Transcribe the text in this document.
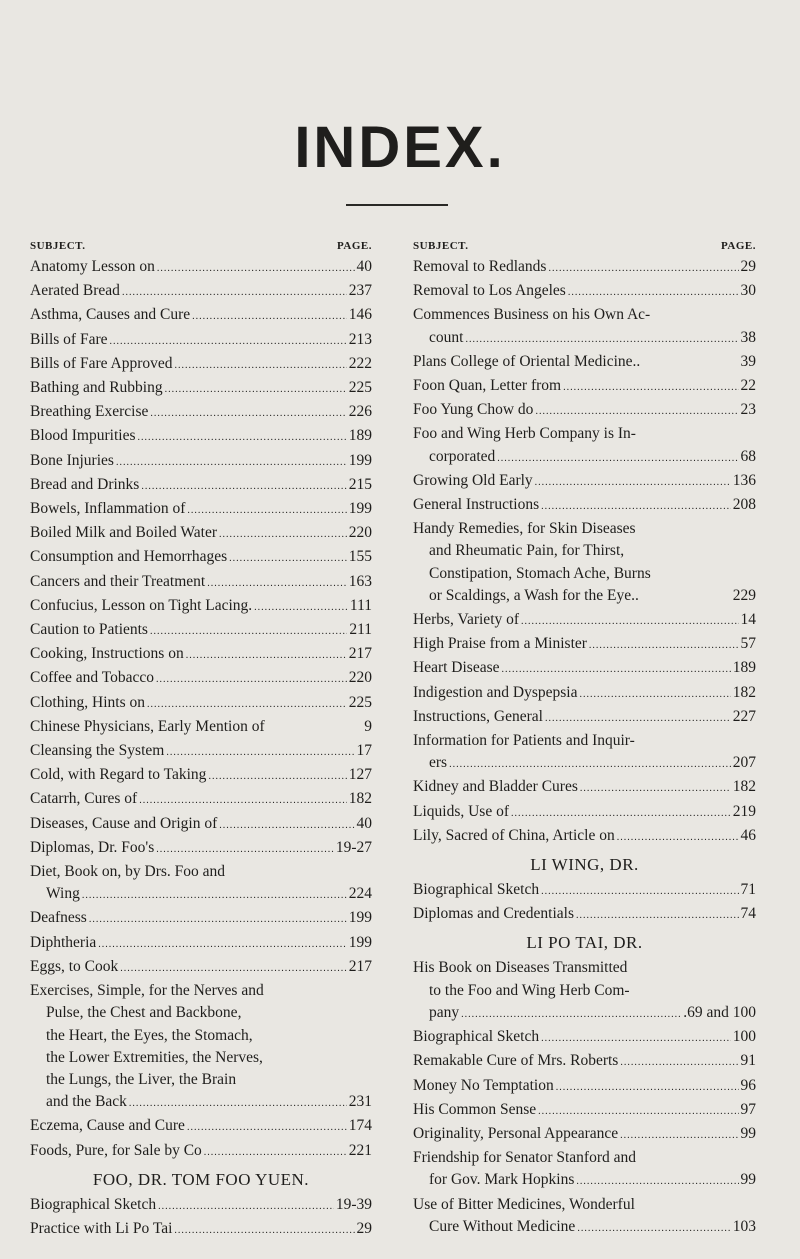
INDEX.
SUBJECT.	PAGE.
Anatomy Lesson on .....	40
Aerated Bread .....	237
Asthma, Causes and Cure .....	146
Bills of Fare .....	213
Bills of Fare Approved .....	222
Bathing and Rubbing .....	225
Breathing Exercise .....	226
Blood Impurities .....	189
Bone Injuries .....	199
Bread and Drinks .....	215
Bowels, Inflammation of .....	199
Boiled Milk and Boiled Water .....	220
Consumption and Hemorrhages .....	155
Cancers and their Treatment .....	163
Confucius, Lesson on Tight Lacing. .....	111
Caution to Patients .....	211
Cooking, Instructions on .....	217
Coffee and Tobacco .....	220
Clothing, Hints on .....	225
Chinese Physicians, Early Mention of	9
Cleansing the System .....	17
Cold, with Regard to Taking .....	127
Catarrh, Cures of .....	182
Diseases, Cause and Origin of .....	40
Diplomas, Dr. Foo's .....	19-27
Diet, Book on, by Drs. Foo and
Wing .....	224
Deafness .....	199
Diphtheria .....	199
Eggs, to Cook .....	217
Exercises, Simple, for the Nerves and
Pulse, the Chest and Backbone,
the Heart, the Eyes, the Stomach,
the Lower Extremities, the Nerves,
the Lungs, the Liver, the Brain
and the Back .....	231
Eczema, Cause and Cure .....	174
Foods, Pure, for Sale by Co .....	221
FOO, DR. TOM FOO YUEN.
Biographical Sketch .....	19-39
Practice with Li Po Tai .....	29
SUBJECT.	PAGE.
Removal to Redlands .....	29
Removal to Los Angeles .....	30
Commences Business on his Own Ac-
count .....	38
Plans College of Oriental Medicine..	39
Foon Quan, Letter from .....	22
Foo Yung Chow do .....	23
Foo and Wing Herb Company is In-
corporated .....	68
Growing Old Early .....	136
General Instructions .....	208
Handy Remedies, for Skin Diseases
and Rheumatic Pain, for Thirst,
Constipation, Stomach Ache, Burns
or Scaldings, a Wash for the Eye..	229
Herbs, Variety of .....	14
High Praise from a Minister .....	57
Heart Disease .....	189
Indigestion and Dyspepsia .....	182
Instructions, General .....	227
Information for Patients and Inquir-
ers .....	207
Kidney and Bladder Cures .....	182
Liquids, Use of .....	219
Lily, Sacred of China, Article on .....	46
LI WING, DR.
Biographical Sketch .....	71
Diplomas and Credentials .....	74
LI PO TAI, DR.
His Book on Diseases Transmitted
to the Foo and Wing Herb Com-
pany .....	.69 and 100
Biographical Sketch .....	100
Remakable Cure of Mrs. Roberts .....	91
Money No Temptation .....	96
His Common Sense .....	97
Originality, Personal Appearance .....	99
Friendship for Senator Stanford and
for Gov. Mark Hopkins .....	99
Use of Bitter Medicines, Wonderful
Cure Without Medicine .....	103
